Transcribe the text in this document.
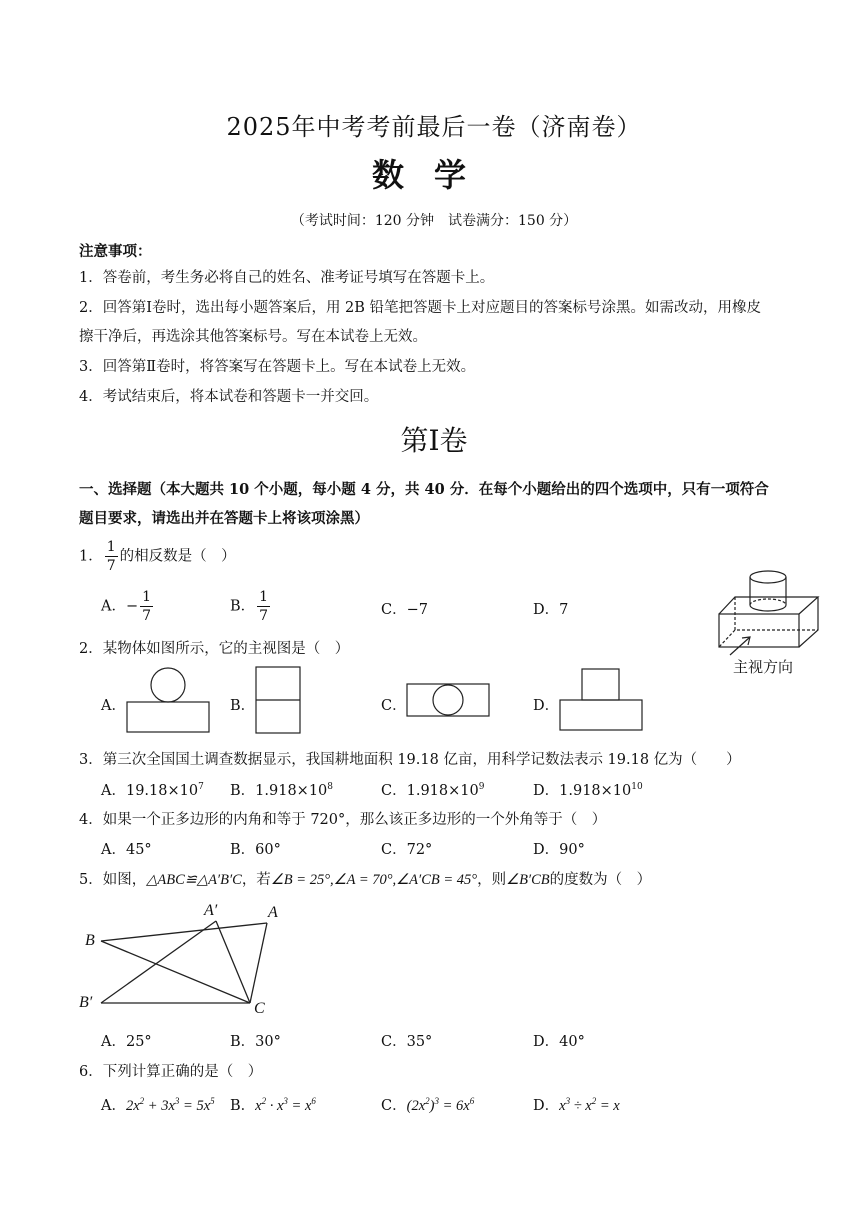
2025年中考考前最后一卷（济南卷）
数学
（考试时间：120 分钟　试卷满分：150 分）
注意事项：
1．答卷前，考生务必将自己的姓名、准考证号填写在答题卡上。
2．回答第Ⅰ卷时，选出每小题答案后，用 2B 铅笔把答题卡上对应题目的答案标号涂黑。如需改动，用橡皮
擦干净后，再选涂其他答案标号。写在本试卷上无效。
3．回答第Ⅱ卷时，将答案写在答题卡上。写在本试卷上无效。
4．考试结束后，将本试卷和答题卡一并交回。
第Ⅰ卷
一、选择题（本大题共 10 个小题，每小题 4 分，共 40 分．在每个小题给出的四个选项中，只有一项符合
题目要求，请选出并在答题卡上将该项涂黑）
1． $\frac{1}{7}$ 的相反数是（　）
A．− $\frac{1}{7}$	B． $\frac{1}{7}$	C．−7	D．7
主视方向
2．某物体如图所示，它的主视图是（　）
A．	B．	C．	D．
3．第三次全国国土调查数据显示，我国耕地面积 19.18 亿亩，用科学记数法表示 19.18 亿为（　　）
A．$19.18\times 10^7$ B．$1.918\times 10^8$	C．$1.918\times 10^9$	D．$1.918\times 10^{10}$
4．如果一个正多边形的内角和等于 720°，那么该正多边形的一个外角等于（　）
A．45°	B．60°	C．72°	D．90°
5．如图，△ABC≌△A′B′C，若∠B = 25°,∠A = 70°,∠A′CB = 45°，则∠B′CB的度数为（　）
A′	A
B
B′	C
A．25°	B．30°	C．35°	D．40°
6．下列计算正确的是（　）
A．$2x^2 + 3x^3 = 5x^5$ B．$x^2 \cdot x^3 = x^6$	C．$(2x^2)^3 = 6x^6$	D．$x^3 \div x^2 = x$
